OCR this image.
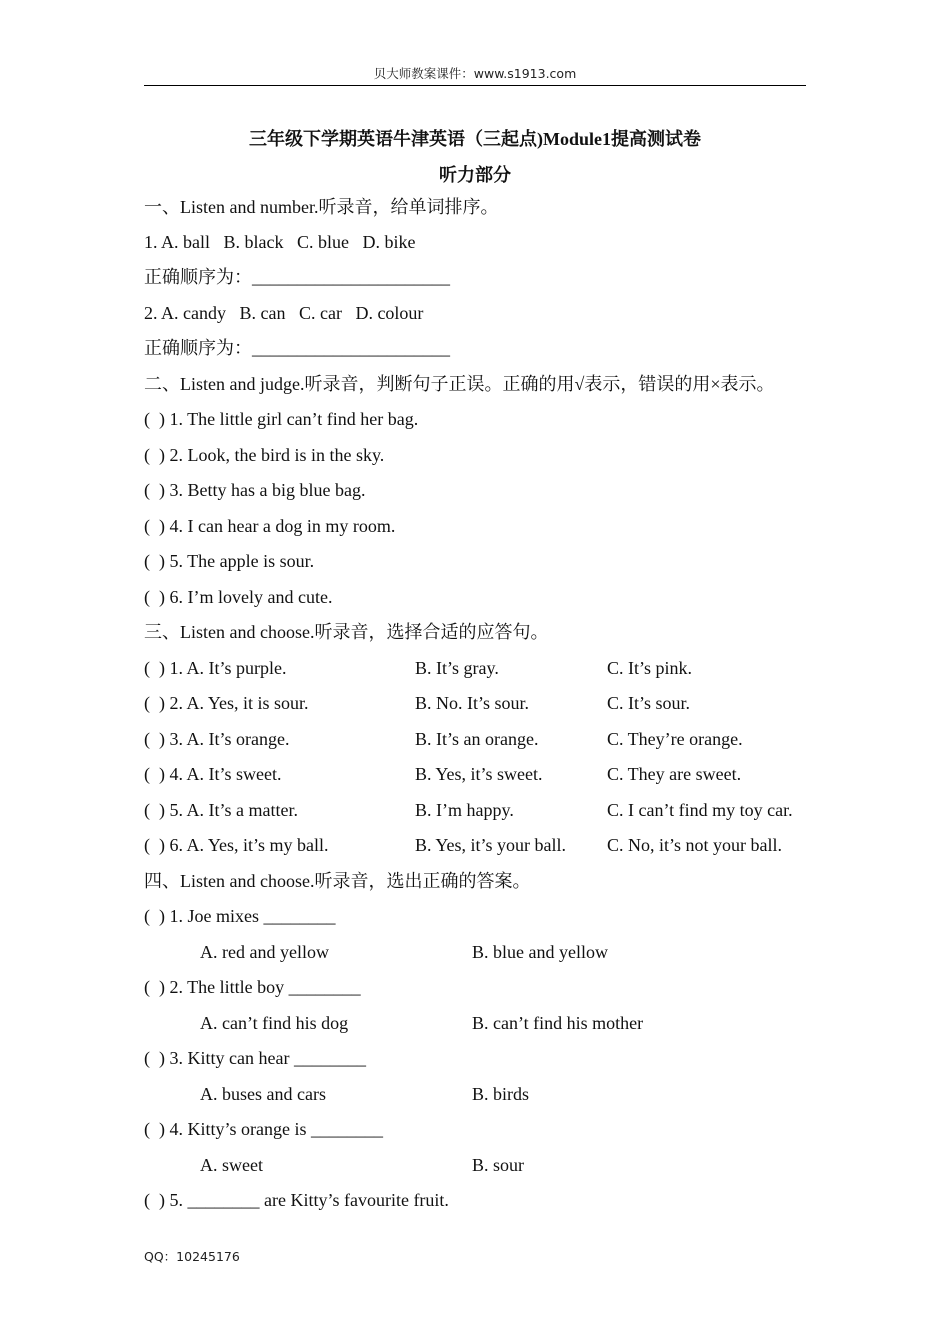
贝大师教案课件：www.s1913.com
三年级下学期英语牛津英语（三起点)Module1提高测试卷
听力部分
一、Listen and number.听录音，给单词排序。
1. A. ball   B. black   C. blue   D. bike
正确顺序为：______________________
2. A. candy   B. can   C. car   D. colour
正确顺序为：______________________
二、Listen and judge.听录音，判断句子正误。正确的用√表示，错误的用×表示。
(  ) 1. The little girl can’t find her bag.
(  ) 2. Look, the bird is in the sky.
(  ) 3. Betty has a big blue bag.
(  ) 4. I can hear a dog in my room.
(  ) 5. The apple is sour.
(  ) 6. I’m lovely and cute.
三、Listen and choose.听录音，选择合适的应答句。
(  ) 1. A. It’s purple.	B. It’s gray.	C. It’s pink.
(  ) 2. A. Yes, it is sour.	B. No. It’s sour.	C. It’s sour.
(  ) 3. A. It’s orange.	B. It’s an orange.	C. They’re orange.
(  ) 4. A. It’s sweet.	B. Yes, it’s sweet.	C. They are sweet.
(  ) 5. A. It’s a matter.	B. I’m happy.	C. I can’t find my toy car.
(  ) 6. A. Yes, it’s my ball.	B. Yes, it’s your ball. C. No, it’s not your ball.
四、Listen and choose.听录音，选出正确的答案。
(  ) 1. Joe mixes ________
A. red and yellow	B. blue and yellow
(  ) 2. The little boy ________
A. can’t find his dog	B. can’t find his mother
(  ) 3. Kitty can hear ________
A. buses and cars	B. birds
(  ) 4. Kitty’s orange is ________
A. sweet	B. sour
(  ) 5. ________ are Kitty’s favourite fruit.
QQ：10245176
